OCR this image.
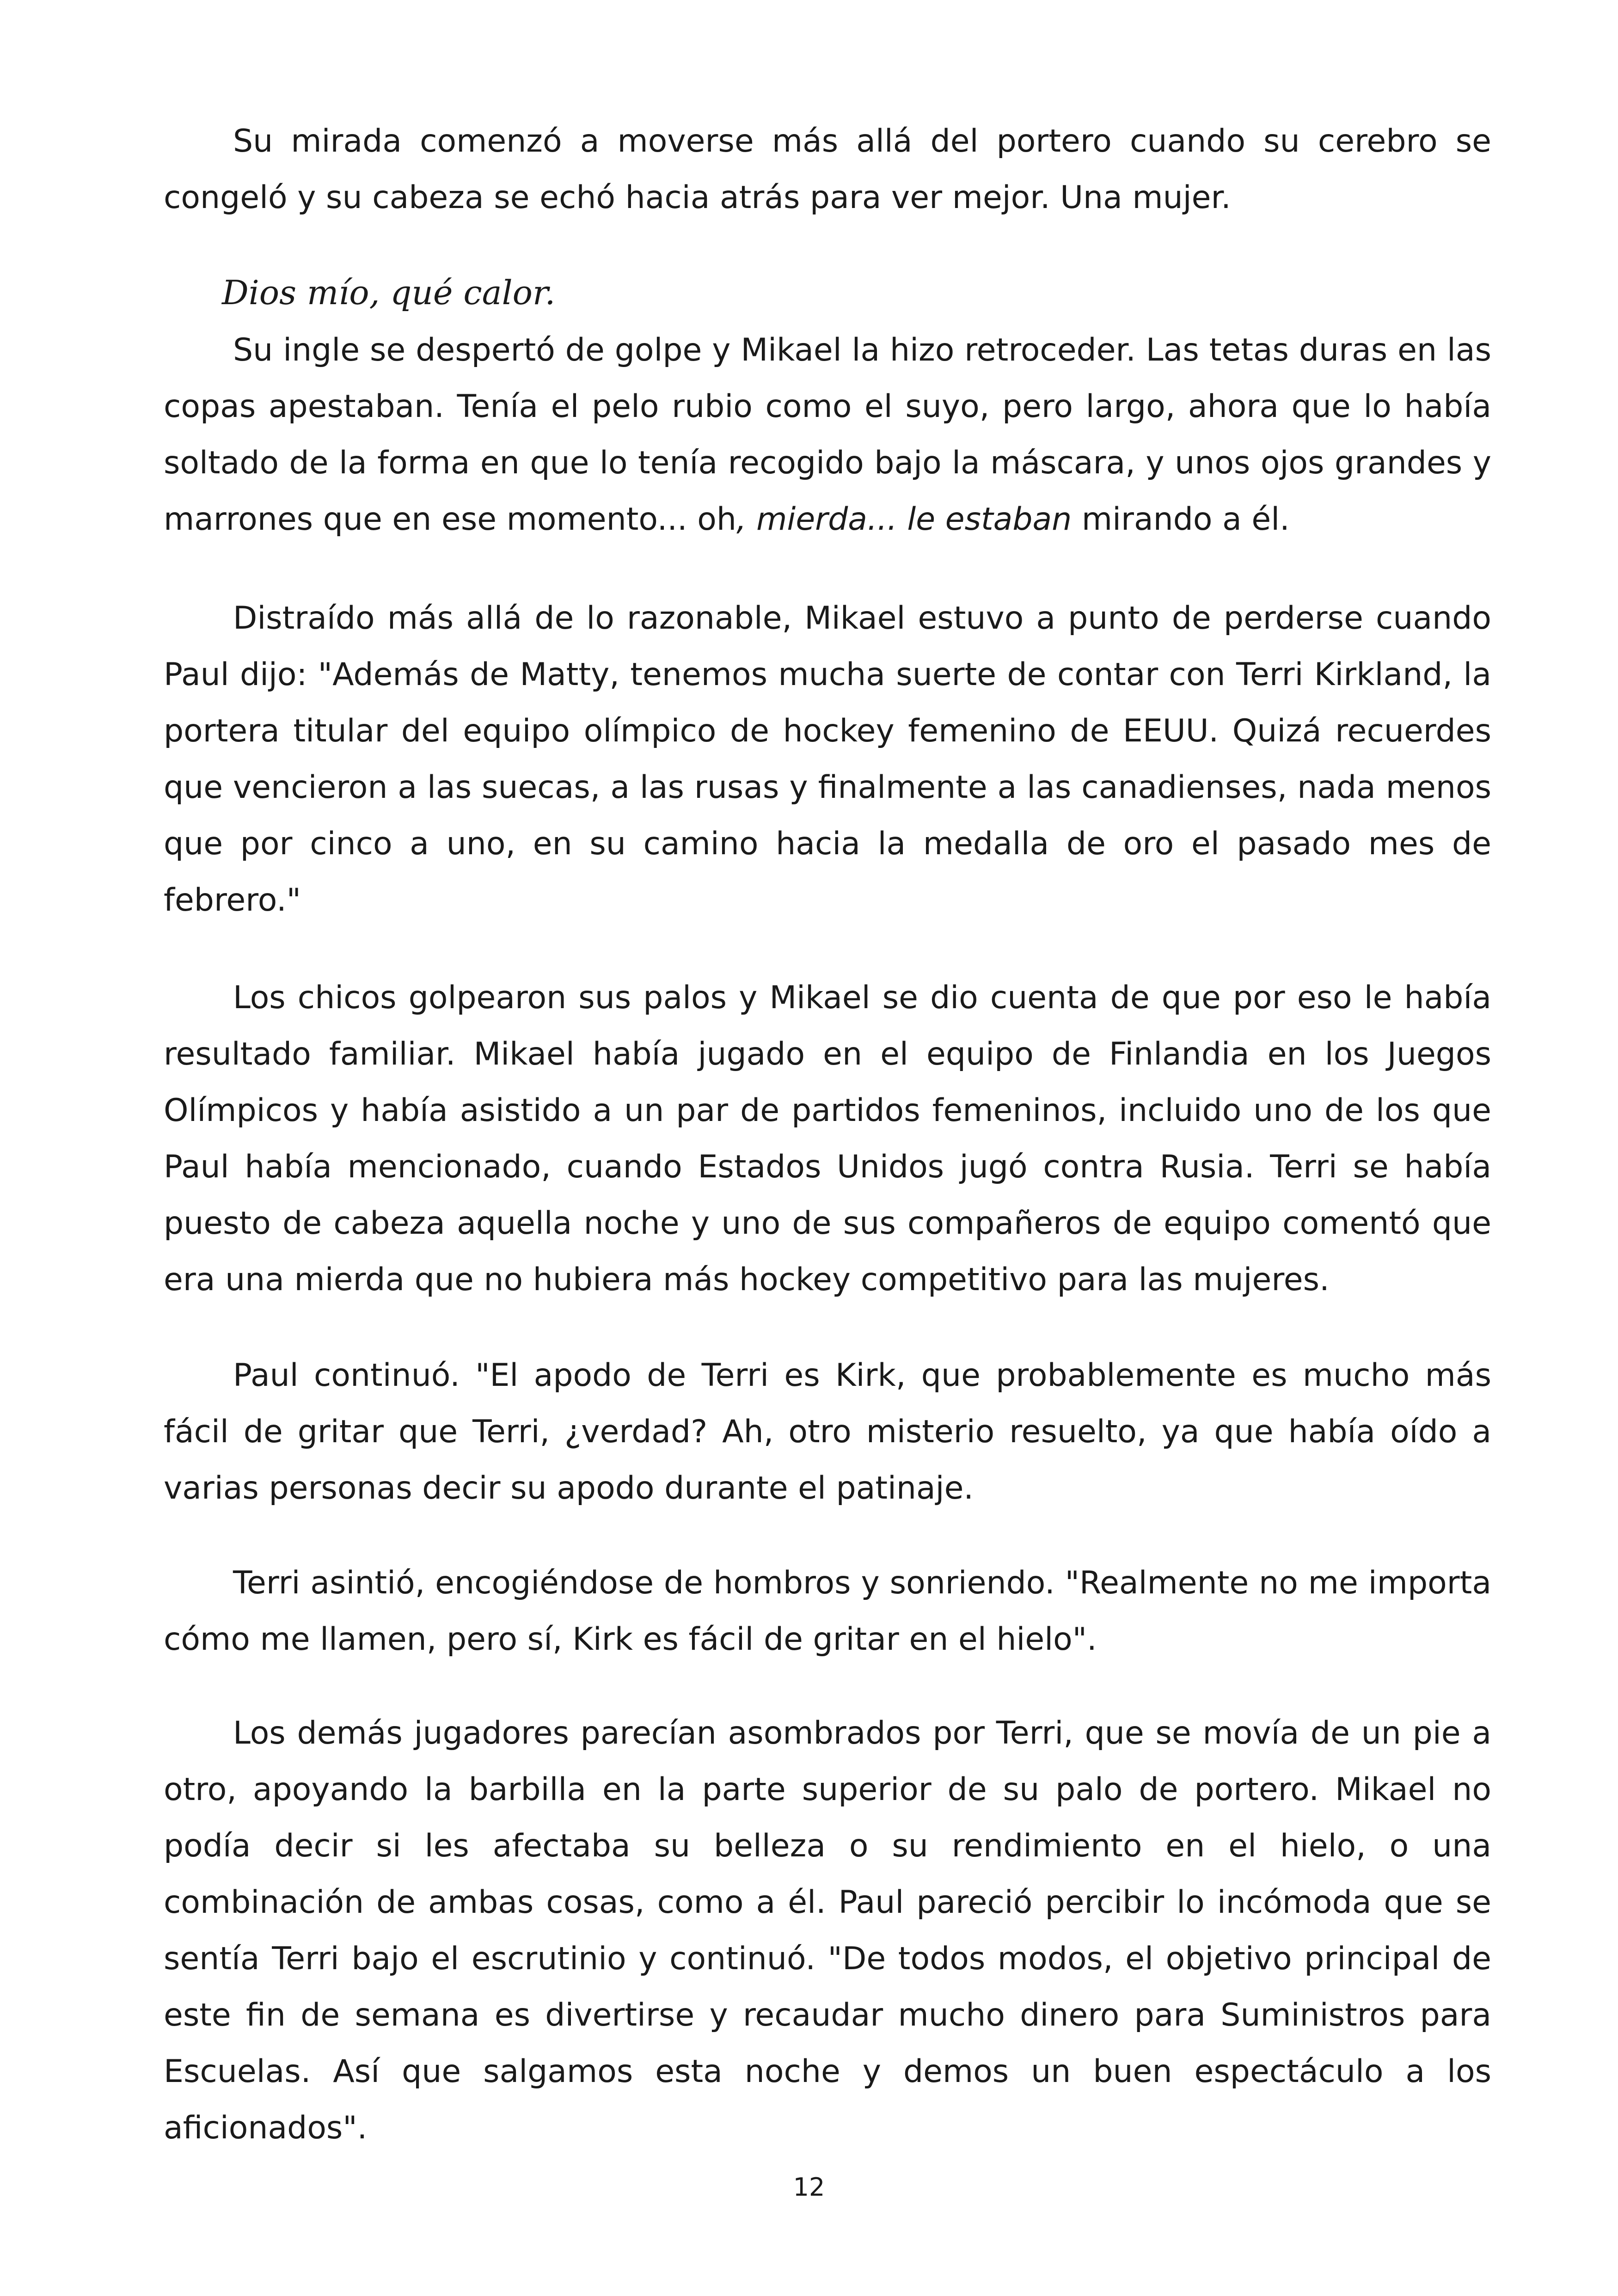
Su mirada comenzó a moverse más allá del portero cuando su cerebro se congeló y su cabeza se echó hacia atrás para ver mejor. Una mujer.

Dios mío, qué calor.

Su ingle se despertó de golpe y Mikael la hizo retroceder. Las tetas duras en las copas apestaban. Tenía el pelo rubio como el suyo, pero largo, ahora que lo había soltado de la forma en que lo tenía recogido bajo la máscara, y unos ojos grandes y marrones que en ese momento... oh, mierda... le estaban mirando a él.

Distraído más allá de lo razonable, Mikael estuvo a punto de perderse cuando Paul dijo: "Además de Matty, tenemos mucha suerte de contar con Terri Kirkland, la portera titular del equipo olímpico de hockey femenino de EEUU. Quizá recuerdes que vencieron a las suecas, a las rusas y finalmente a las canadienses, nada menos que por cinco a uno, en su camino hacia la medalla de oro el pasado mes de febrero."

Los chicos golpearon sus palos y Mikael se dio cuenta de que por eso le había resultado familiar. Mikael había jugado en el equipo de Finlandia en los Juegos Olímpicos y había asistido a un par de partidos femeninos, incluido uno de los que Paul había mencionado, cuando Estados Unidos jugó contra Rusia. Terri se había puesto de cabeza aquella noche y uno de sus compañeros de equipo comentó que era una mierda que no hubiera más hockey competitivo para las mujeres.

Paul continuó. "El apodo de Terri es Kirk, que probablemente es mucho más fácil de gritar que Terri, ¿verdad? Ah, otro misterio resuelto, ya que había oído a varias personas decir su apodo durante el patinaje.

Terri asintió, encogiéndose de hombros y sonriendo. "Realmente no me importa cómo me llamen, pero sí, Kirk es fácil de gritar en el hielo".

Los demás jugadores parecían asombrados por Terri, que se movía de un pie a otro, apoyando la barbilla en la parte superior de su palo de portero. Mikael no podía decir si les afectaba su belleza o su rendimiento en el hielo, o una combinación de ambas cosas, como a él. Paul pareció percibir lo incómoda que se sentía Terri bajo el escrutinio y continuó. "De todos modos, el objetivo principal de este fin de semana es divertirse y recaudar mucho dinero para Suministros para Escuelas. Así que salgamos esta noche y demos un buen espectáculo a los aficionados".

12
